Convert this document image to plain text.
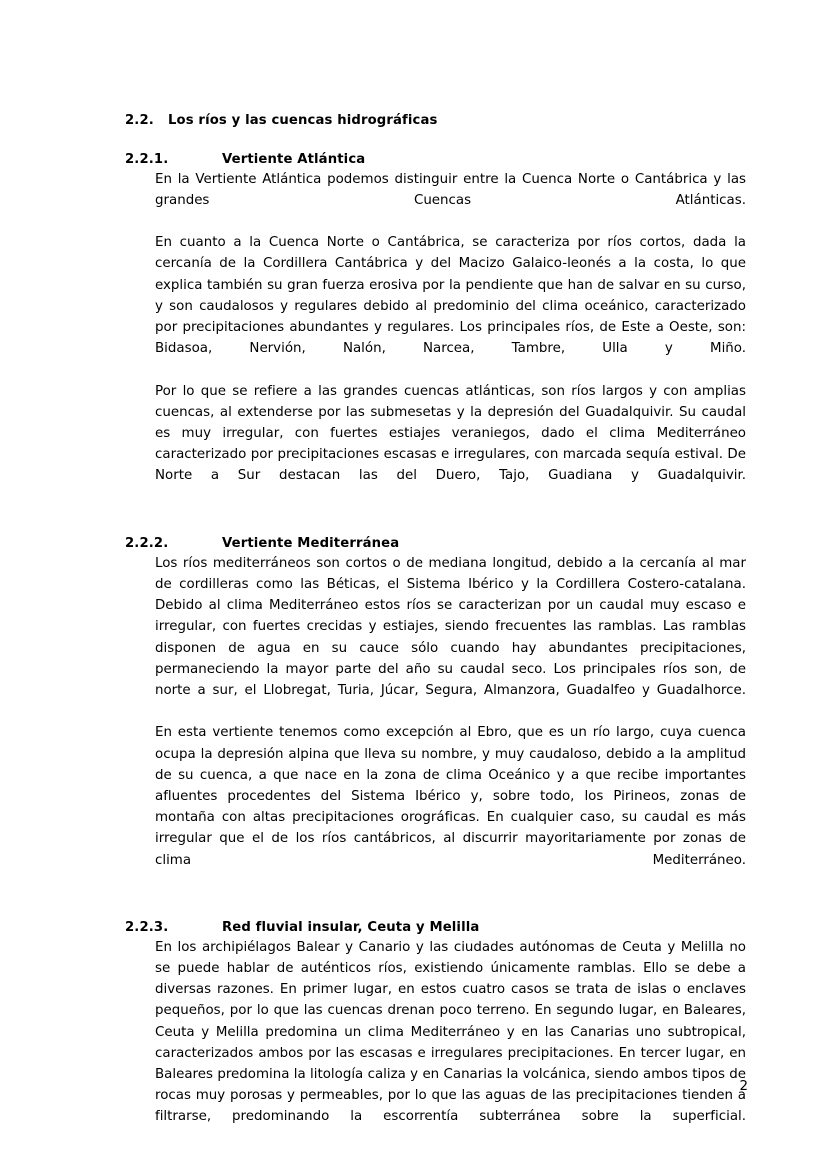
2.2.	Los ríos y las cuencas hidrográficas
2.2.1.	Vertiente Atlántica

En la Vertiente Atlántica podemos distinguir entre la Cuenca Norte o Cantábrica y las grandes Cuencas Atlánticas.

En cuanto a la Cuenca Norte o Cantábrica, se caracteriza por ríos cortos, dada la cercanía de la Cordillera Cantábrica y del Macizo Galaico-leonés a la costa, lo que explica también su gran fuerza erosiva por la pendiente que han de salvar en su curso, y son caudalosos y regulares debido al predominio del clima oceánico, caracterizado por precipitaciones abundantes y regulares. Los principales ríos, de Este a Oeste, son: Bidasoa, Nervión, Nalón, Narcea, Tambre, Ulla y Miño.

Por lo que se refiere a las grandes cuencas atlánticas, son ríos largos y con amplias cuencas, al extenderse por las submesetas y la depresión del Guadalquivir. Su caudal es muy irregular, con fuertes estiajes veraniegos, dado el clima Mediterráneo caracterizado por precipitaciones escasas e irregulares, con marcada sequía estival. De Norte a Sur destacan las del Duero, Tajo, Guadiana y Guadalquivir.

2.2.2.	Vertiente Mediterránea

Los ríos mediterráneos son cortos o de mediana longitud, debido a la cercanía al mar de cordilleras como las Béticas, el Sistema Ibérico y la Cordillera Costero-catalana. Debido al clima Mediterráneo estos ríos se caracterizan por un caudal muy escaso e irregular, con fuertes crecidas y estiajes, siendo frecuentes las ramblas. Las ramblas disponen de agua en su cauce sólo cuando hay abundantes precipitaciones, permaneciendo la mayor parte del año su caudal seco. Los principales ríos son, de norte a sur, el Llobregat, Turia, Júcar, Segura, Almanzora, Guadalfeo y Guadalhorce.

En esta vertiente tenemos como excepción al Ebro, que es un río largo, cuya cuenca ocupa la depresión alpina que lleva su nombre, y muy caudaloso, debido a la amplitud de su cuenca, a que nace en la zona de clima Oceánico y a que recibe importantes afluentes procedentes del Sistema Ibérico y, sobre todo, los Pirineos, zonas de montaña con altas precipitaciones orográficas. En cualquier caso, su caudal es más irregular que el de los ríos cantábricos, al discurrir mayoritariamente por zonas de clima Mediterráneo.

2.2.3.	Red fluvial insular, Ceuta y Melilla

En los archipiélagos Balear y Canario y las ciudades autónomas de Ceuta y Melilla no se puede hablar de auténticos ríos, existiendo únicamente ramblas. Ello se debe a diversas razones. En primer lugar, en estos cuatro casos se trata de islas o enclaves pequeños, por lo que las cuencas drenan poco terreno. En segundo lugar, en Baleares, Ceuta y Melilla predomina un clima Mediterráneo y en las Canarias uno subtropical, caracterizados ambos por las escasas e irregulares precipitaciones. En tercer lugar, en Baleares predomina la litología caliza y en Canarias la volcánica, siendo ambos tipos de rocas muy porosas y permeables, por lo que las aguas de las precipitaciones tienden a filtrarse, predominando la escorrentía subterránea sobre la superficial.

2
